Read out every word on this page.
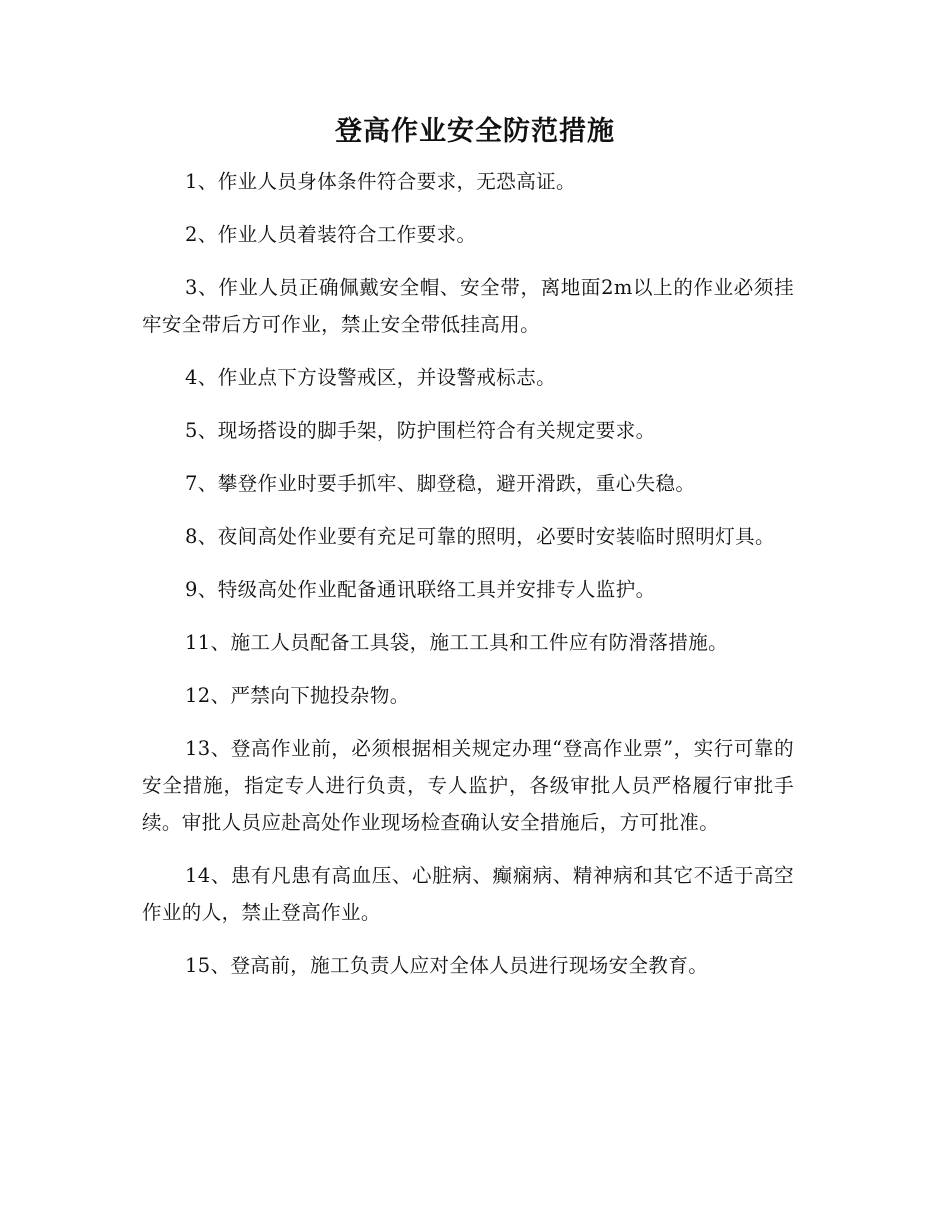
登高作业安全防范措施

1、作业人员身体条件符合要求，无恐高证。

2、作业人员着装符合工作要求。

3、作业人员正确佩戴安全帽、安全带，离地面2m以上的作业必须挂牢安全带后方可作业，禁止安全带低挂高用。

4、作业点下方设警戒区，并设警戒标志。

5、现场搭设的脚手架，防护围栏符合有关规定要求。

7、攀登作业时要手抓牢、脚登稳，避开滑跌，重心失稳。

8、夜间高处作业要有充足可靠的照明，必要时安装临时照明灯具。

9、特级高处作业配备通讯联络工具并安排专人监护。

11、施工人员配备工具袋，施工工具和工件应有防滑落措施。

12、严禁向下抛投杂物。

13、登高作业前，必须根据相关规定办理“登高作业票”，实行可靠的安全措施，指定专人进行负责，专人监护，各级审批人员严格履行审批手续。审批人员应赴高处作业现场检查确认安全措施后，方可批准。

14、患有凡患有高血压、心脏病、癫痫病、精神病和其它不适于高空作业的人，禁止登高作业。

15、登高前，施工负责人应对全体人员进行现场安全教育。
